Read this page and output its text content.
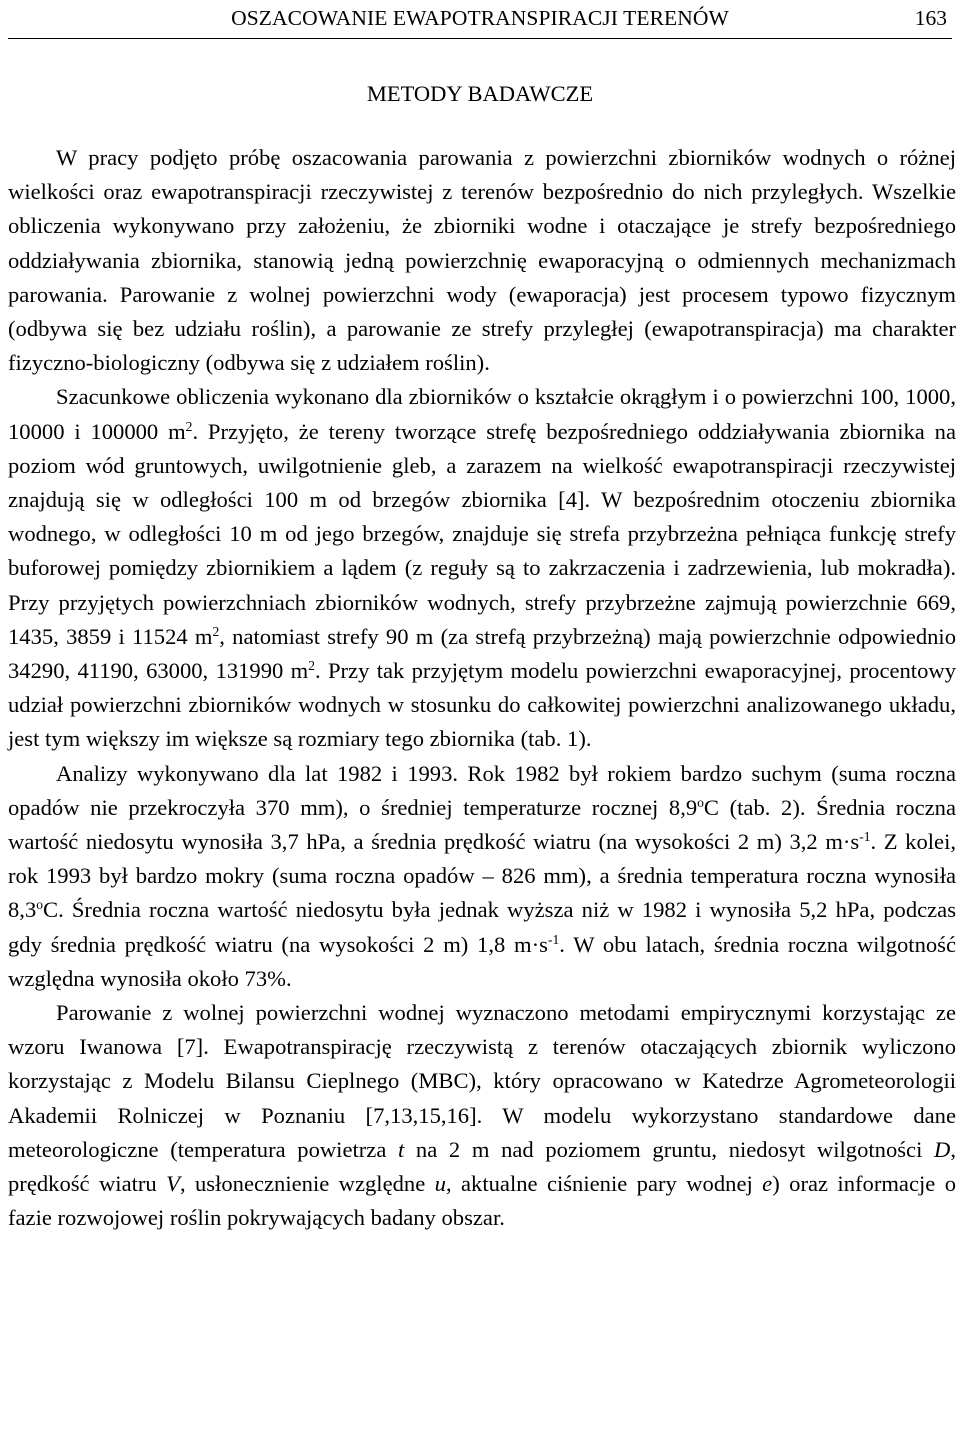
OSZACOWANIE EWAPOTRANSPIRACJI TERENÓW	163
METODY BADAWCZE

W pracy podjęto próbę oszacowania parowania z powierzchni zbiorników wodnych o różnej wielkości oraz ewapotranspiracji rzeczywistej z terenów bezpośrednio do nich przyległych. Wszelkie obliczenia wykonywano przy założeniu, że zbiorniki wodne i otaczające je strefy bezpośredniego oddziaływania zbiornika, stanowią jedną powierzchnię ewaporacyjną o odmiennych mechanizmach parowania. Parowanie z wolnej powierzchni wody (ewaporacja) jest procesem typowo fizycznym (odbywa się bez udziału roślin), a parowanie ze strefy przyległej (ewapotranspiracja) ma charakter fizyczno-biologiczny (odbywa się z udziałem roślin).

Szacunkowe obliczenia wykonano dla zbiorników o kształcie okrągłym i o powierzchni 100, 1000, 10000 i 100000 $m^2$. Przyjęto, że tereny tworzące strefę bezpośredniego oddziaływania zbiornika na poziom wód gruntowych, uwilgotnienie gleb, a zarazem na wielkość ewapotranspiracji rzeczywistej znajdują się w odległości 100 m od brzegów zbiornika [4]. W bezpośrednim otoczeniu zbiornika wodnego, w odległości 10 m od jego brzegów, znajduje się strefa przybrzeżna pełniąca funkcję strefy buforowej pomiędzy zbiornikiem a lądem (z reguły są to zakrzaczenia i zadrzewienia, lub mokradła). Przy przyjętych powierzchniach zbiorników wodnych, strefy przybrzeżne zajmują powierzchnie 669, 1435, 3859 i 11524 $m^2$, natomiast strefy 90 m (za strefą przybrzeżną) mają powierzchnie odpowiednio 34290, 41190, 63000, 131990 $m^2$. Przy tak przyjętym modelu powierzchni ewaporacyjnej, procentowy udział powierzchni zbiorników wodnych w stosunku do całkowitej powierzchni analizowanego układu, jest tym większy im większe są rozmiary tego zbiornika (tab. 1).

Analizy wykonywano dla lat 1982 i 1993. Rok 1982 był rokiem bardzo suchym (suma roczna opadów nie przekroczyła 370 mm), o średniej temperaturze rocznej 8,9$^o$C (tab. 2). Średnia roczna wartość niedosytu wynosiła 3,7 hPa, a średnia prędkość wiatru (na wysokości 2 m) 3,2 $m\cdot s^{-1}$. Z kolei, rok 1993 był bardzo mokry (suma roczna opadów – 826 mm), a średnia temperatura roczna wynosiła 8,3$^o$C. Średnia roczna wartość niedosytu była jednak wyższa niż w 1982 i wynosiła 5,2 hPa, podczas gdy średnia prędkość wiatru (na wysokości 2 m) 1,8 $m\cdot s^{-1}$. W obu latach, średnia roczna wilgotność względna wynosiła około 73%.

Parowanie z wolnej powierzchni wodnej wyznaczono metodami empirycznymi korzystając ze wzoru Iwanowa [7]. Ewapotranspirację rzeczywistą z terenów otaczających zbiornik wyliczono korzystając z Modelu Bilansu Cieplnego (MBC), który opracowano w Katedrze Agrometeorologii Akademii Rolniczej w Poznaniu [7,13,15,16]. W modelu wykorzystano standardowe dane meteorologiczne (temperatura powietrza t na 2 m nad poziomem gruntu, niedosyt wilgotności D, prędkość wiatru V, usłonecznienie względne u, aktualne ciśnienie pary wodnej e) oraz informacje o fazie rozwojowej roślin pokrywających badany obszar.
